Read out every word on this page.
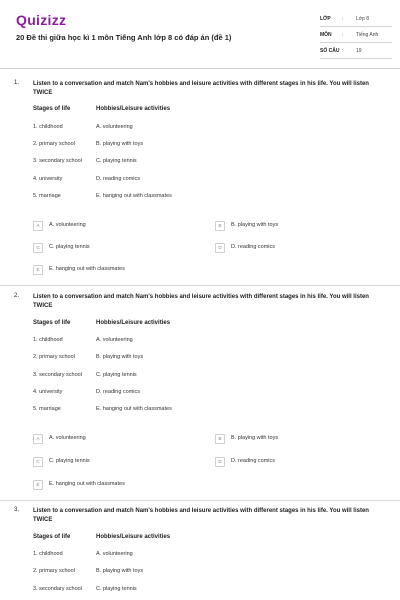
Quizizz
20 Đề thi giữa học kì 1 môn Tiếng Anh lớp 8 có đáp án (đề 1)
LỚP :	Lớp 8
MÔN :	Tiếng Anh
SỐ CÂU :	19
1. Listen to a conversation and match Nam's hobbies and leisure activities with different stages in his life. You will listen TWICE
Stages of life	Hobbies/Leisure activities
1. childhood	A. volunteering
2. primary school	B. playing with toys
3. secondary school	C. playing tennis
4. university	D. reading comics
5. marriage	E. hanging out with classmates
A	A. volunteering	B	B. playing with toys
C	C. playing tennis	D	D. reading comics
E	E. hanging out with classmates
2. Listen to a conversation and match Nam's hobbies and leisure activities with different stages in his life. You will listen TWICE
Stages of life	Hobbies/Leisure activities
1. childhood	A. volunteering
2. primary school	B. playing with toys
3. secondary school	C. playing tennis
4. university	D. reading comics
5. marriage	E. hanging out with classmates
A	A. volunteering	B	B. playing with toys
C	C. playing tennis	D	D. reading comics
E	E. hanging out with classmates
3. Listen to a conversation and match Nam's hobbies and leisure activities with different stages in his life. You will listen TWICE
Stages of life	Hobbies/Leisure activities
1. childhood	A. volunteering
2. primary school	B. playing with toys
3. secondary school	C. playing tennis
